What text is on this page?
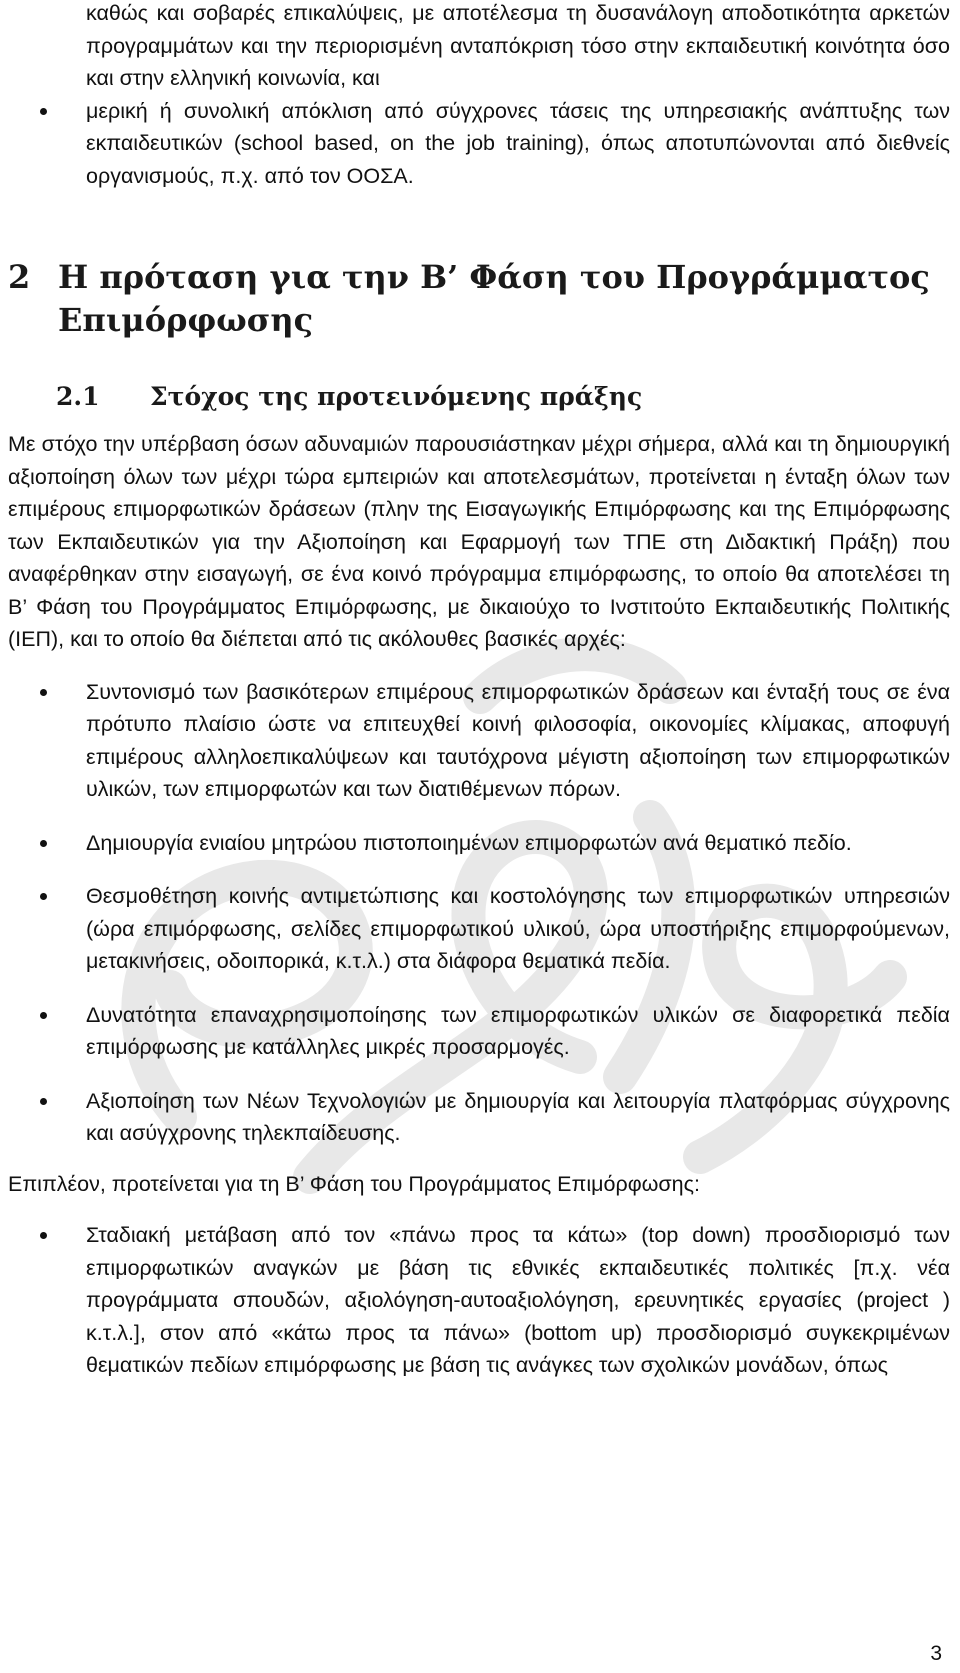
καθώς και σοβαρές επικαλύψεις, με αποτέλεσμα τη δυσανάλογη αποδοτικότητα αρκετών προγραμμάτων και την περιορισμένη ανταπόκριση τόσο στην εκπαιδευτική κοινότητα όσο και στην ελληνική κοινωνία, και

μερική ή συνολική απόκλιση από σύγχρονες τάσεις της υπηρεσιακής ανάπτυξης των εκπαιδευτικών (school based, on the job training), όπως αποτυπώνονται από διεθνείς οργανισμούς, π.χ. από τον ΟΟΣΑ.
2 Η πρόταση για την Β’ Φάση του Προγράμματος Επιμόρφωσης
2.1	Στόχος της προτεινόμενης πράξης

Με στόχο την υπέρβαση όσων αδυναμιών παρουσιάστηκαν μέχρι σήμερα, αλλά και τη δημιουργική αξιοποίηση όλων των μέχρι τώρα εμπειριών και αποτελεσμάτων, προτείνεται η ένταξη όλων των επιμέρους επιμορφωτικών δράσεων (πλην της Εισαγωγικής Επιμόρφωσης και της Επιμόρφωσης των Εκπαιδευτικών για την Αξιοποίηση και Εφαρμογή των ΤΠΕ στη Διδακτική Πράξη) που αναφέρθηκαν στην εισαγωγή, σε ένα κοινό πρόγραμμα επιμόρφωσης, το οποίο θα αποτελέσει τη Β’ Φάση του Προγράμματος Επιμόρφωσης, με δικαιούχο το Ινστιτούτο Εκπαιδευτικής Πολιτικής (ΙΕΠ), και το οποίο θα διέπεται από τις ακόλουθες βασικές αρχές:

Συντονισμό των βασικότερων επιμέρους επιμορφωτικών δράσεων και ένταξή τους σε ένα πρότυπο πλαίσιο ώστε να επιτευχθεί κοινή φιλοσοφία, οικονομίες κλίμακας, αποφυγή επιμέρους αλληλοεπικαλύψεων και ταυτόχρονα μέγιστη αξιοποίηση των επιμορφωτικών υλικών, των επιμορφωτών και των διατιθέμενων πόρων.
Δημιουργία ενιαίου μητρώου πιστοποιημένων επιμορφωτών ανά θεματικό πεδίο.
Θεσμοθέτηση κοινής αντιμετώπισης και κοστολόγησης των επιμορφωτικών υπηρεσιών (ώρα επιμόρφωσης, σελίδες επιμορφωτικού υλικού, ώρα υποστήριξης επιμορφούμενων, μετακινήσεις, οδοιπορικά, κ.τ.λ.) στα διάφορα θεματικά πεδία.
Δυνατότητα επαναχρησιμοποίησης των επιμορφωτικών υλικών σε διαφορετικά πεδία επιμόρφωσης με κατάλληλες μικρές προσαρμογές.
Αξιοποίηση των Νέων Τεχνολογιών με δημιουργία και λειτουργία πλατφόρμας σύγχρονης και ασύγχρονης τηλεκπαίδευσης.

Επιπλέον, προτείνεται για τη Β’ Φάση του Προγράμματος Επιμόρφωσης:

Σταδιακή μετάβαση από τον «πάνω προς τα κάτω» (top down) προσδιορισμό των επιμορφωτικών αναγκών με βάση τις εθνικές εκπαιδευτικές πολιτικές [π.χ. νέα προγράμματα σπουδών, αξιολόγηση-αυτοαξιολόγηση, ερευνητικές εργασίες (project ) κ.τ.λ.], στον από «κάτω προς τα πάνω» (bottom up) προσδιορισμό συγκεκριμένων θεματικών πεδίων επιμόρφωσης με βάση τις ανάγκες των σχολικών μονάδων, όπως
3
